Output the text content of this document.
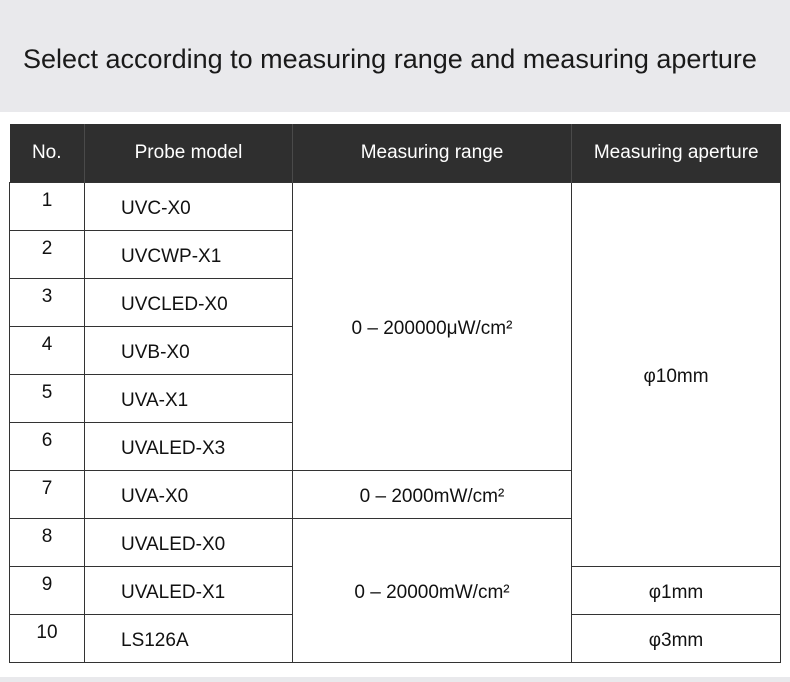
Select according to measuring range and measuring aperture
No.	Probe model	Measuring range	Measuring aperture
1	UVC-X0	0 – 200000μW/cm²	φ10mm
2	UVCWP-X1		
3	UVCLED-X0		
4	UVB-X0		
5	UVA-X1		
6	UVALED-X3		
7	UVA-X0	0 – 2000mW/cm²	
8	UVALED-X0	0 – 20000mW/cm²	
9	UVALED-X1		φ1mm
10	LS126A		φ3mm
